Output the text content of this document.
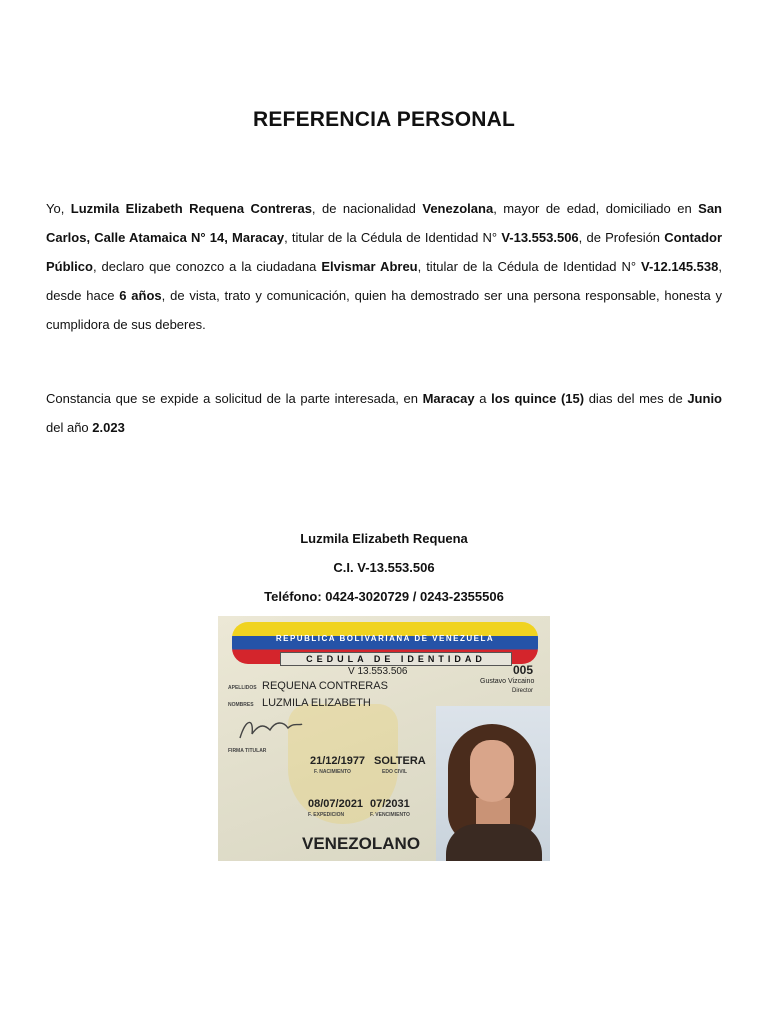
REFERENCIA PERSONAL
Yo, Luzmila Elizabeth Requena Contreras, de nacionalidad Venezolana, mayor de edad, domiciliado en San Carlos, Calle Atamaica N° 14, Maracay, titular de la Cédula de Identidad N° V-13.553.506, de Profesión Contador Público, declaro que conozco a la ciudadana Elvismar Abreu, titular de la Cédula de Identidad N° V-12.145.538, desde hace 6 años, de vista, trato y comunicación, quien ha demostrado ser una persona responsable, honesta y cumplidora de sus deberes.
Constancia que se expide a solicitud de la parte interesada, en Maracay a los quince (15) dias del mes de Junio del año 2.023
Luzmila Elizabeth Requena
C.I. V-13.553.506
Teléfono: 0424-3020729 / 0243-2355506
REPUBLICA BOLIVARIANA DE VENEZUELA
CEDULA DE IDENTIDAD
V 13.553.506	005
Gustavo Vizcaino
Director
APELLIDOS REQUENA CONTRERAS
NOMBRES LUZMILA ELIZABETH
FIRMA TITULAR
21/12/1977
F. NACIMIENTO
SOLTERA
EDO CIVIL
08/07/2021
F. EXPEDICION
07/2031
F. VENCIMIENTO
VENEZOLANO
